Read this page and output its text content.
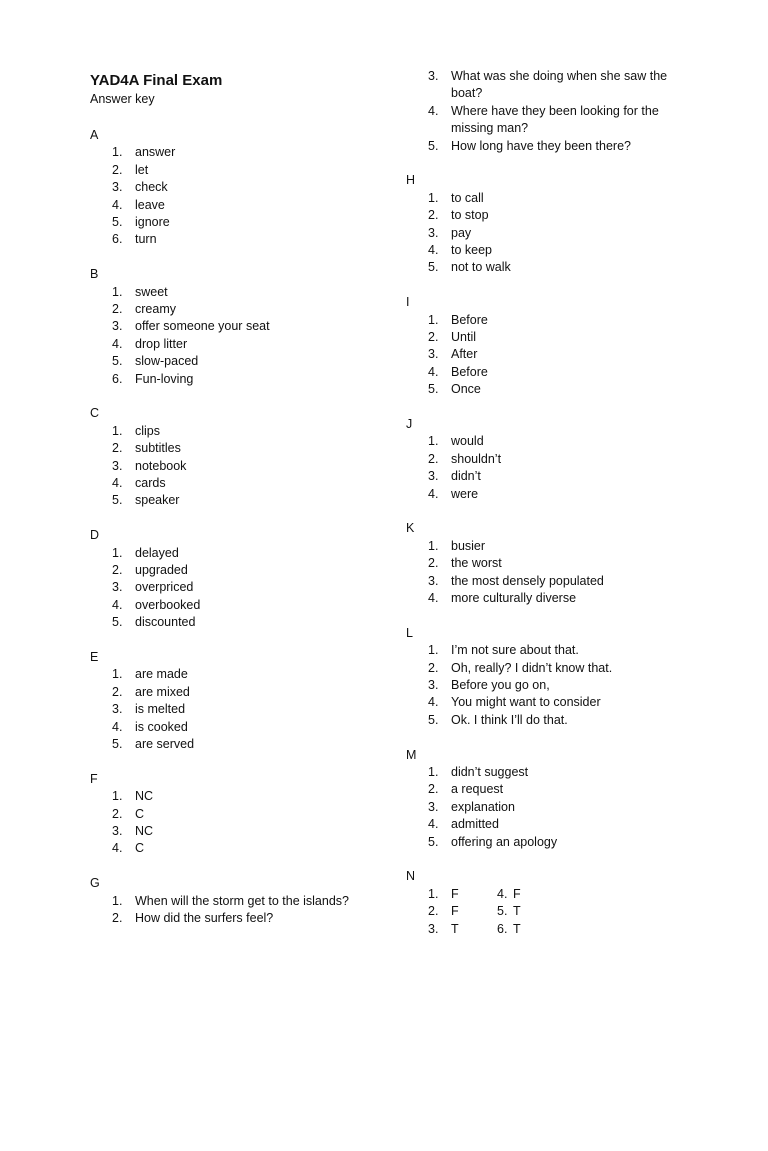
YAD4A Final Exam
Answer key
A
1.	answer
2.	let
3.	check
4.	leave
5.	ignore
6.	turn
B
1.	sweet
2.	creamy
3.	offer someone your seat
4.	drop litter
5.	slow-paced
6.	Fun-loving
C
1.	clips
2.	subtitles
3.	notebook
4.	cards
5.	speaker
D
1.	delayed
2.	upgraded
3.	overpriced
4.	overbooked
5.	discounted
E
1.	are made
2.	are mixed
3.	is melted
4.	is cooked
5.	are served
F
1.	NC
2.	C
3.	NC
4.	C
G
1.	When will the storm get to the islands?
2.	How did the surfers feel?
3.	What was she doing when she saw the
boat?
4.	Where have they been looking for the
missing man?
5.	How long have they been there?
H
1.	to call
2.	to stop
3.	pay
4.	to keep
5.	not to walk
I
1.	Before
2.	Until
3.	After
4.	Before
5.	Once
J
1.	would
2.	shouldn’t
3.	didn’t
4.	were
K
1.	busier
2.	the worst
3.	the most densely populated
4.	more culturally diverse
L
1.	I’m not sure about that.
2.	Oh, really? I didn’t know that.
3.	Before you go on,
4.	You might want to consider
5.	Ok. I think I’ll do that.
M
1.	didn’t suggest
2.	a request
3.	explanation
4.	admitted
5.	offering an apology
N
1. F	4. F
2. F	5. T
3. T	6. T
